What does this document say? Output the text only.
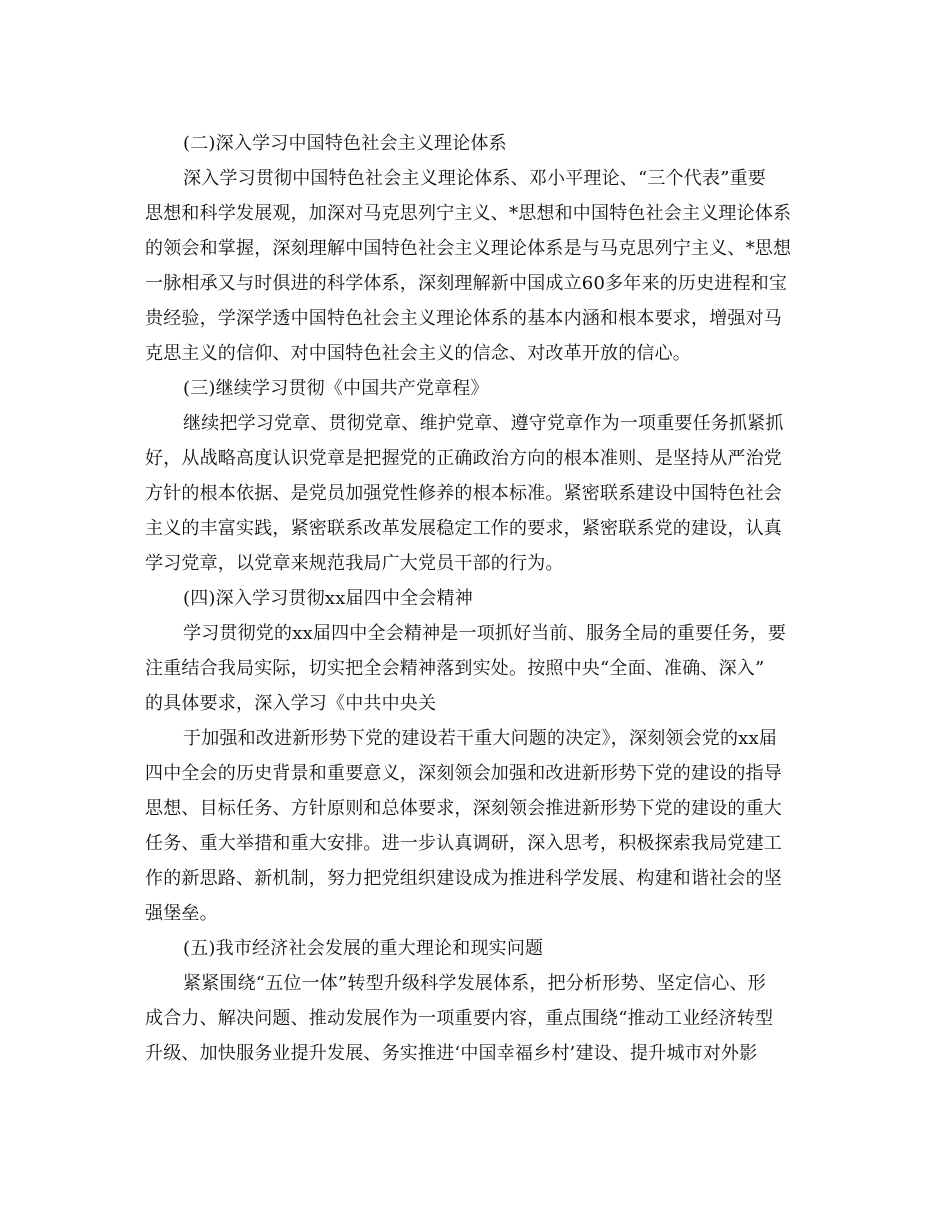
(二)深入学习中国特色社会主义理论体系
深入学习贯彻中国特色社会主义理论体系、邓小平理论、“三个代表”重要
思想和科学发展观，加深对马克思列宁主义、*思想和中国特色社会主义理论体系
的领会和掌握，深刻理解中国特色社会主义理论体系是与马克思列宁主义、*思想
一脉相承又与时俱进的科学体系，深刻理解新中国成立60多年来的历史进程和宝
贵经验，学深学透中国特色社会主义理论体系的基本内涵和根本要求，增强对马
克思主义的信仰、对中国特色社会主义的信念、对改革开放的信心。
(三)继续学习贯彻《中国共产党章程》
继续把学习党章、贯彻党章、维护党章、遵守党章作为一项重要任务抓紧抓
好，从战略高度认识党章是把握党的正确政治方向的根本准则、是坚持从严治党
方针的根本依据、是党员加强党性修养的根本标准。紧密联系建设中国特色社会
主义的丰富实践，紧密联系改革发展稳定工作的要求，紧密联系党的建设，认真
学习党章，以党章来规范我局广大党员干部的行为。
(四)深入学习贯彻xx届四中全会精神
学习贯彻党的xx届四中全会精神是一项抓好当前、服务全局的重要任务，要
注重结合我局实际，切实把全会精神落到实处。按照中央“全面、准确、深入”
的具体要求，深入学习《中共中央关
于加强和改进新形势下党的建设若干重大问题的决定》，深刻领会党的xx届
四中全会的历史背景和重要意义，深刻领会加强和改进新形势下党的建设的指导
思想、目标任务、方针原则和总体要求，深刻领会推进新形势下党的建设的重大
任务、重大举措和重大安排。进一步认真调研，深入思考，积极探索我局党建工
作的新思路、新机制，努力把党组织建设成为推进科学发展、构建和谐社会的坚
强堡垒。
(五)我市经济社会发展的重大理论和现实问题
紧紧围绕“五位一体”转型升级科学发展体系，把分析形势、坚定信心、形
成合力、解决问题、推动发展作为一项重要内容，重点围绕“推动工业经济转型
升级、加快服务业提升发展、务实推进‘中国幸福乡村’建设、提升城市对外影
